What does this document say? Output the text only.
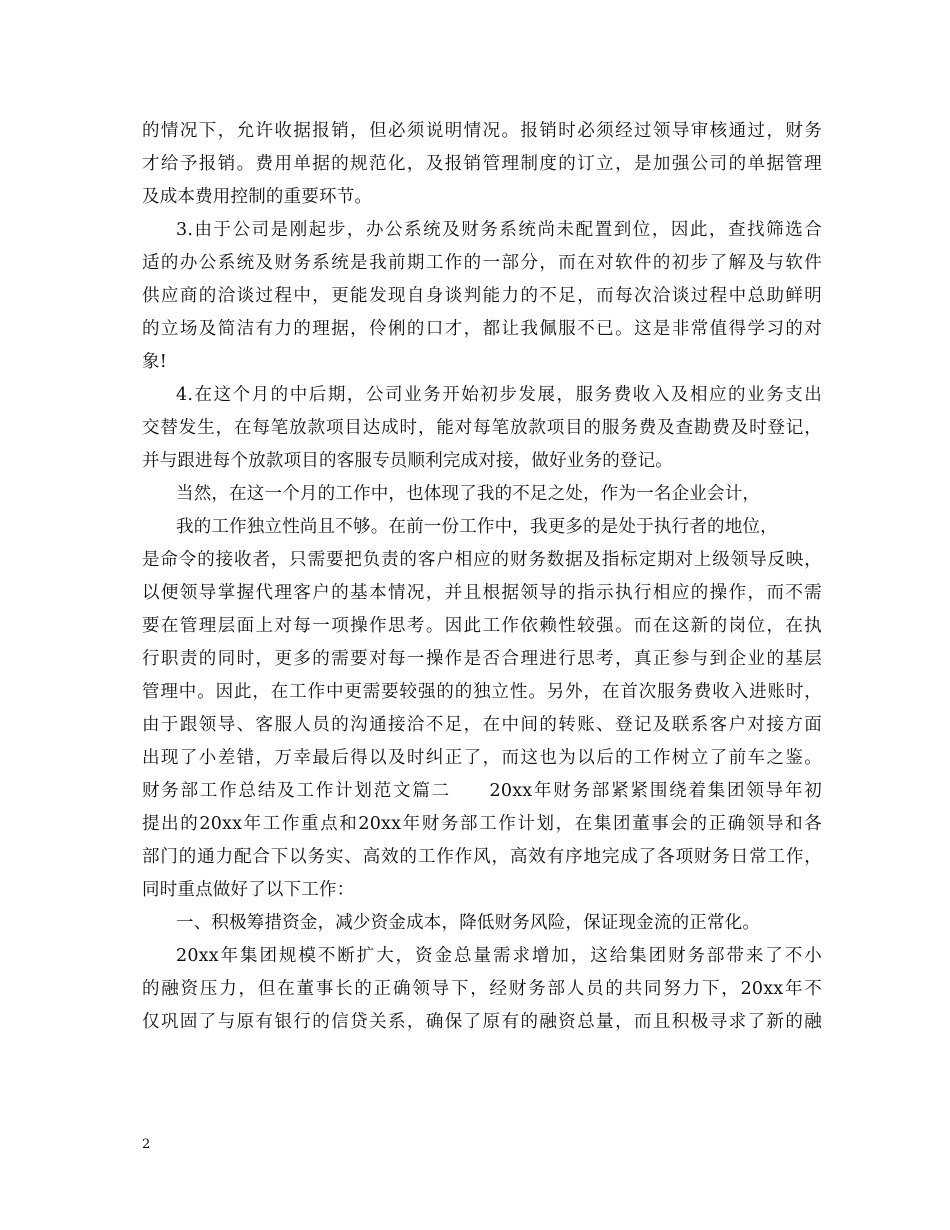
的情况下，允许收据报销，但必须说明情况。报销时必须经过领导审核通过，财务
才给予报销。费用单据的规范化，及报销管理制度的订立，是加强公司的单据管理
及成本费用控制的重要环节。
3.由于公司是刚起步，办公系统及财务系统尚未配置到位，因此，查找筛选合
适的办公系统及财务系统是我前期工作的一部分，而在对软件的初步了解及与软件
供应商的洽谈过程中，更能发现自身谈判能力的不足，而每次洽谈过程中总助鲜明
的立场及简洁有力的理据，伶俐的口才，都让我佩服不已。这是非常值得学习的对
象!
4.在这个月的中后期，公司业务开始初步发展，服务费收入及相应的业务支出
交替发生，在每笔放款项目达成时，能对每笔放款项目的服务费及查勘费及时登记，
并与跟进每个放款项目的客服专员顺利完成对接，做好业务的登记。
当然，在这一个月的工作中，也体现了我的不足之处，作为一名企业会计，
我的工作独立性尚且不够。在前一份工作中，我更多的是处于执行者的地位，
是命令的接收者，只需要把负责的客户相应的财务数据及指标定期对上级领导反映，
以便领导掌握代理客户的基本情况，并且根据领导的指示执行相应的操作，而不需
要在管理层面上对每一项操作思考。因此工作依赖性较强。而在这新的岗位，在执
行职责的同时，更多的需要对每一操作是否合理进行思考，真正参与到企业的基层
管理中。因此，在工作中更需要较强的的独立性。另外，在首次服务费收入进账时，
由于跟领导、客服人员的沟通接洽不足，在中间的转账、登记及联系客户对接方面
出现了小差错，万幸最后得以及时纠正了，而这也为以后的工作树立了前车之鉴。
财务部工作总结及工作计划范文篇二　　20xx年财务部紧紧围绕着集团领导年初
提出的20xx年工作重点和20xx年财务部工作计划，在集团董事会的正确领导和各
部门的通力配合下以务实、高效的工作作风，高效有序地完成了各项财务日常工作，
同时重点做好了以下工作：
一、积极筹措资金，减少资金成本，降低财务风险，保证现金流的正常化。
20xx年集团规模不断扩大，资金总量需求增加，这给集团财务部带来了不小
的融资压力，但在董事长的正确领导下，经财务部人员的共同努力下，20xx年不
仅巩固了与原有银行的信贷关系，确保了原有的融资总量，而且积极寻求了新的融
2
